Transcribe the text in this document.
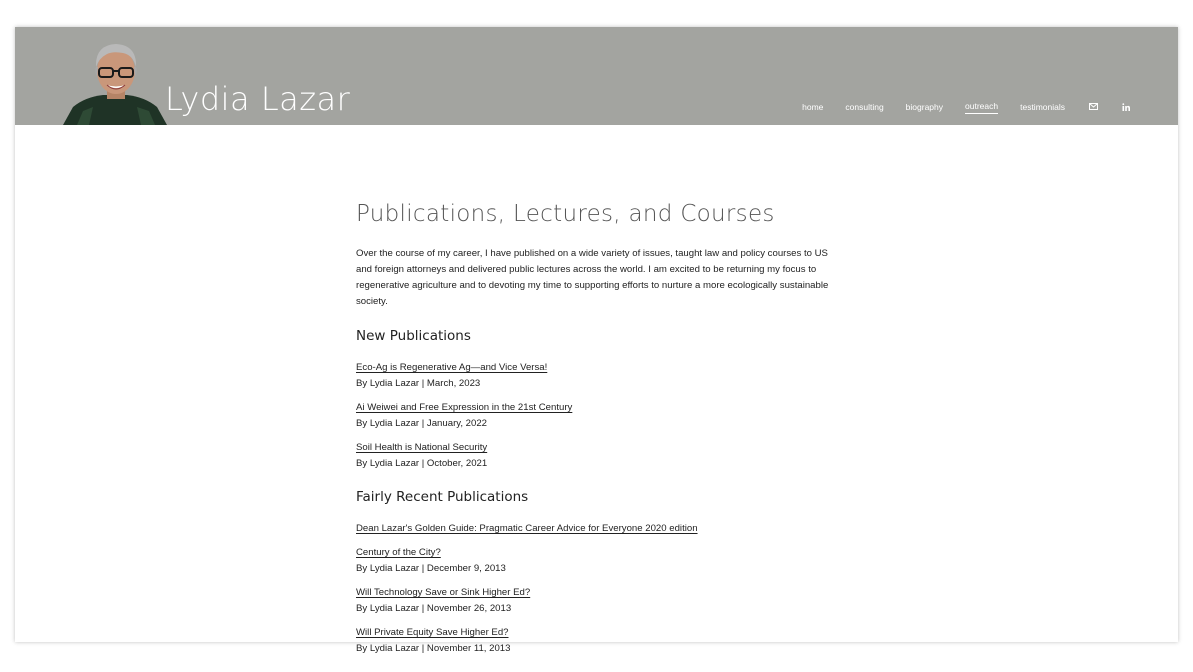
Lydia Lazar	home	consulting	biography	outreach	testimonials
Publications, Lectures, and Courses

Over the course of my career, I have published on a wide variety of issues, taught law and policy courses to US and foreign attorneys and delivered public lectures across the world. I am excited to be returning my focus to regenerative agriculture and to devoting my time to supporting efforts to nurture a more ecologically sustainable society.

New Publications
Eco-Ag is Regenerative Ag—and Vice Versa!
By Lydia Lazar | March, 2023
Ai Weiwei and Free Expression in the 21st Century
By Lydia Lazar | January, 2022
Soil Health is National Security
By Lydia Lazar | October, 2021
Fairly Recent Publications
Dean Lazar's Golden Guide: Pragmatic Career Advice for Everyone 2020 edition
Century of the City?
By Lydia Lazar | December 9, 2013
Will Technology Save or Sink Higher Ed?
By Lydia Lazar | November 26, 2013
Will Private Equity Save Higher Ed?
By Lydia Lazar | November 11, 2013
